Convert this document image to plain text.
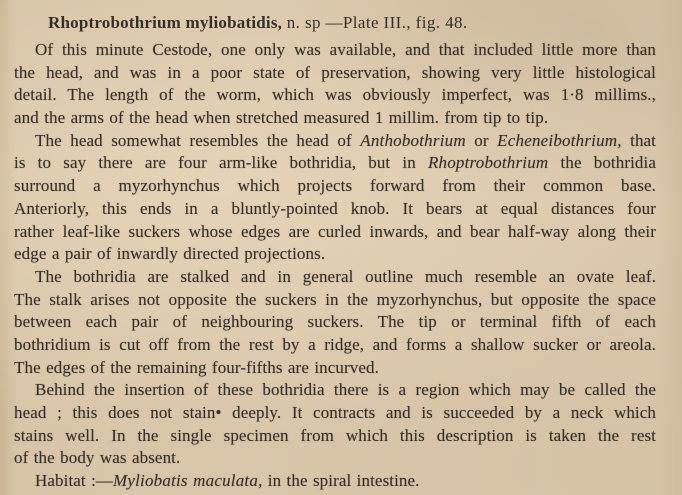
Rhoptrobothrium myliobatidis, n. sp —Plate III., fig. 48.
Of this minute Cestode, one only was available, and that included little more than
the head, and was in a poor state of preservation, showing very little histological
detail. The length of the worm, which was obviously imperfect, was 1·8 millims.,
and the arms of the head when stretched measured 1 millim. from tip to tip.
The head somewhat resembles the head of Anthobothrium or Echeneibothrium, that
is to say there are four arm-like bothridia, but in Rhoptrobothrium the bothridia
surround a myzorhynchus which projects forward from their common base.
Anteriorly, this ends in a bluntly-pointed knob. It bears at equal distances four
rather leaf-like suckers whose edges are curled inwards, and bear half-way along their
edge a pair of inwardly directed projections.
The bothridia are stalked and in general outline much resemble an ovate leaf.
The stalk arises not opposite the suckers in the myzorhynchus, but opposite the space
between each pair of neighbouring suckers. The tip or terminal fifth of each
bothridium is cut off from the rest by a ridge, and forms a shallow sucker or areola.
The edges of the remaining four-fifths are incurved.
Behind the insertion of these bothridia there is a region which may be called the
head ; this does not stain• deeply. It contracts and is succeeded by a neck which
stains well. In the single specimen from which this description is taken the rest
of the body was absent.
Habitat :—Myliobatis maculata, in the spiral intestine.
